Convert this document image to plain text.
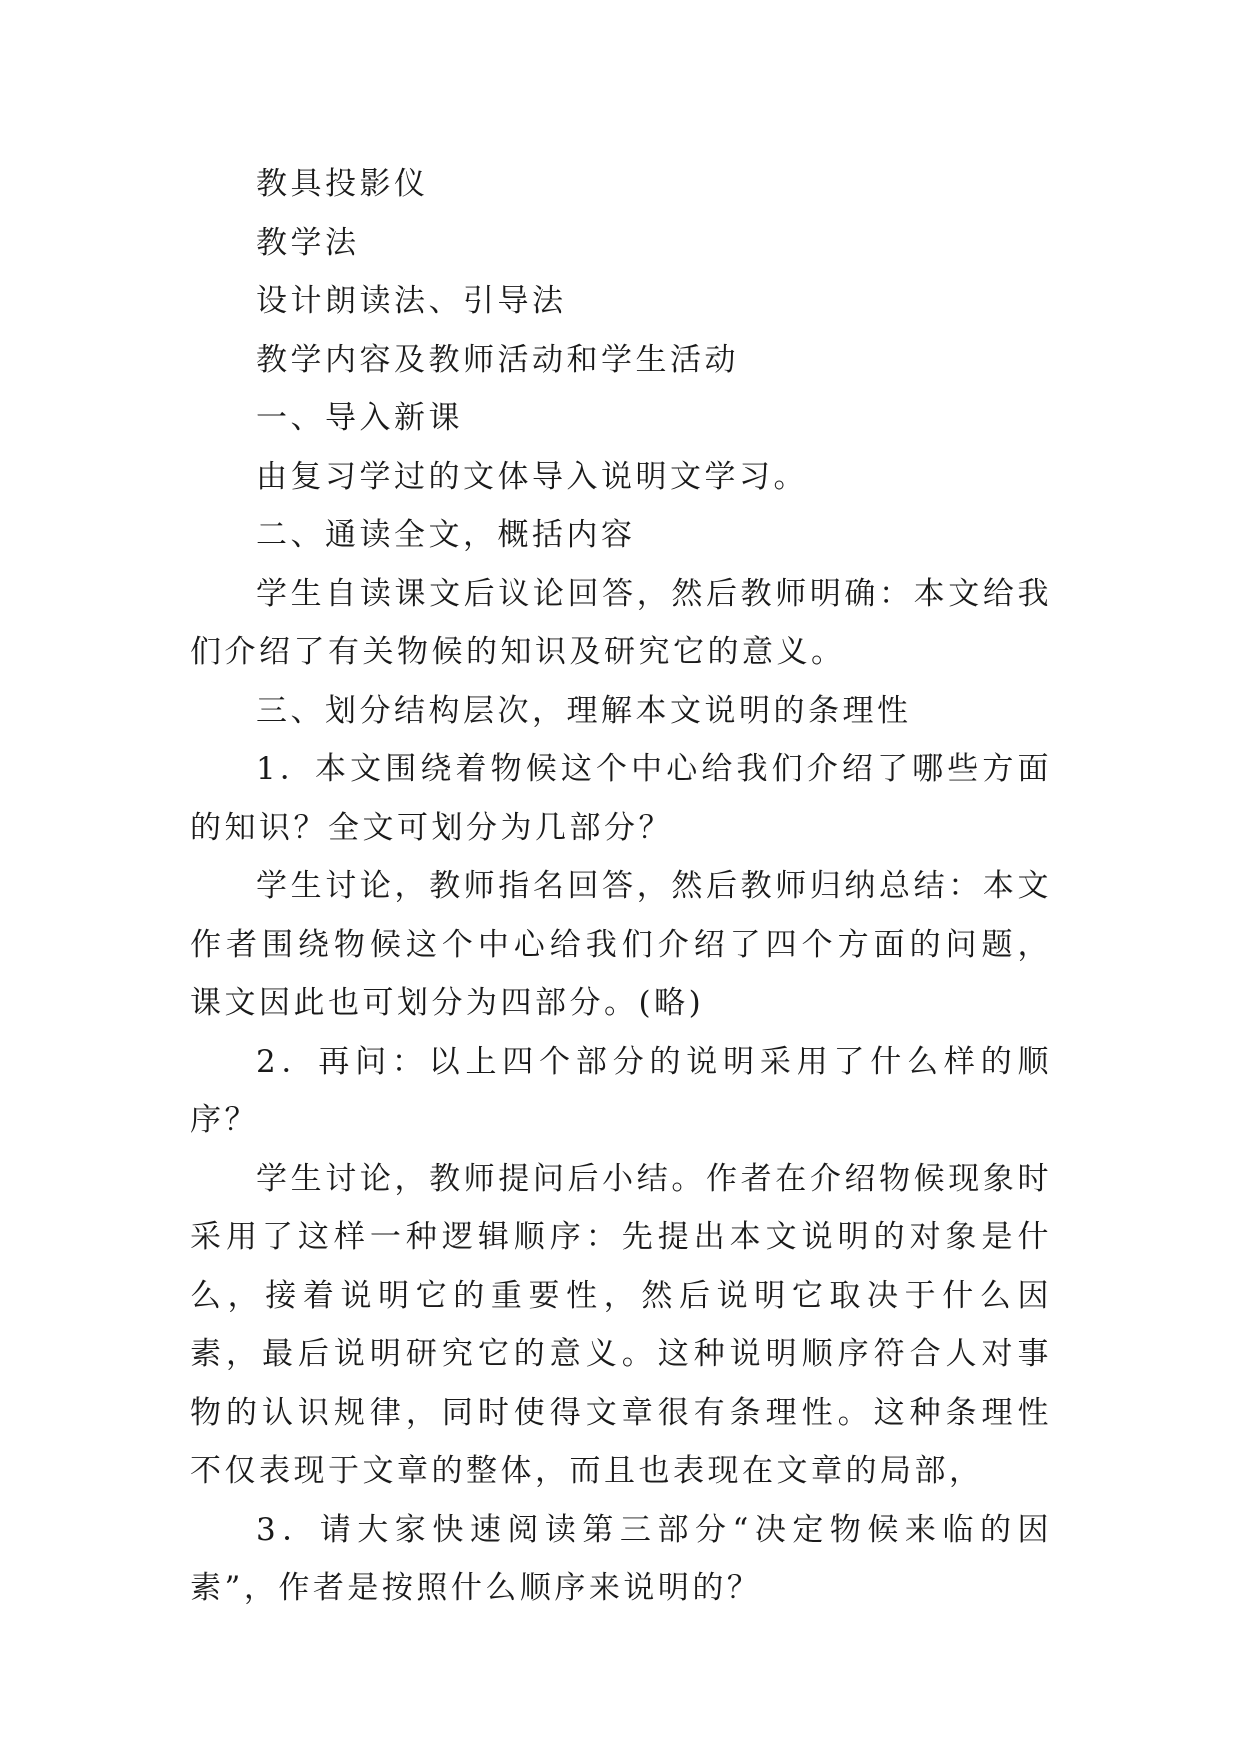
教具投影仪

教学法

设计朗读法、引导法

教学内容及教师活动和学生活动

一、导入新课

由复习学过的文体导入说明文学习。

二、通读全文，概括内容

学生自读课文后议论回答，然后教师明确：本文给我们介绍了有关物候的知识及研究它的意义。

三、划分结构层次，理解本文说明的条理性

1．本文围绕着物候这个中心给我们介绍了哪些方面的知识？全文可划分为几部分？

学生讨论，教师指名回答，然后教师归纳总结：本文作者围绕物候这个中心给我们介绍了四个方面的问题，课文因此也可划分为四部分。(略)

2．再问：以上四个部分的说明采用了什么样的顺序？

学生讨论，教师提问后小结。作者在介绍物候现象时采用了这样一种逻辑顺序：先提出本文说明的对象是什么，接着说明它的重要性，然后说明它取决于什么因素，最后说明研究它的意义。这种说明顺序符合人对事物的认识规律，同时使得文章很有条理性。这种条理性不仅表现于文章的整体，而且也表现在文章的局部，

3．请大家快速阅读第三部分“决定物候来临的因素”，作者是按照什么顺序来说明的？
